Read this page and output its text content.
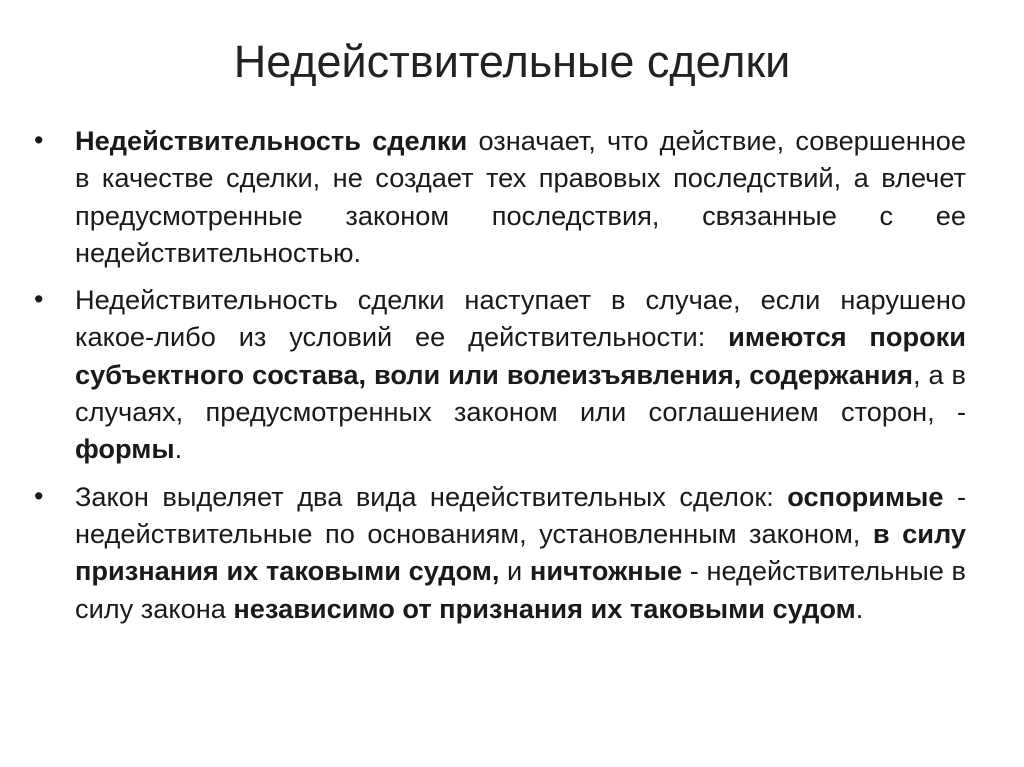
Недействительные сделки
•	Недействительность сделки означает, что действие, совершенное в качестве сделки, не создает тех правовых последствий, а влечет предусмотренные законом последствия, связанные с ее недействительностью.
•	Недействительность сделки наступает в случае, если нарушено какое-либо из условий ее действительности: имеются пороки субъектного состава, воли или волеизъявления, содержания, а в случаях, предусмотренных законом или соглашением сторон, - формы.
•	Закон выделяет два вида недействительных сделок: оспоримые - недействительные по основаниям, установленным законом, в силу признания их таковыми судом, и ничтожные - недействительные в силу закона независимо от признания их таковыми судом.
